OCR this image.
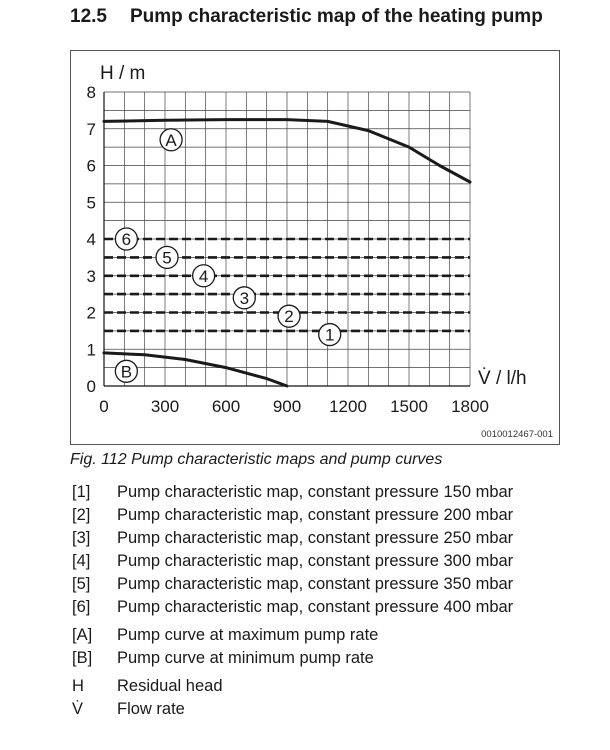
12.5 Pump characteristic map of the heating pump
0
1
2
3
4
5
6
7
8
0 300 600 900 1200 1500 1800
H / m
V̇ / l/h
A
B
1
2
3
4
5
6
0010012467-001
Fig. 112 Pump characteristic maps and pump curves
[1] Pump characteristic map, constant pressure 150 mbar
[2] Pump characteristic map, constant pressure 200 mbar
[3] Pump characteristic map, constant pressure 250 mbar
[4] Pump characteristic map, constant pressure 300 mbar
[5] Pump characteristic map, constant pressure 350 mbar
[6] Pump characteristic map, constant pressure 400 mbar
[A] Pump curve at maximum pump rate
[B] Pump curve at minimum pump rate
H Residual head
V̇ Flow rate
